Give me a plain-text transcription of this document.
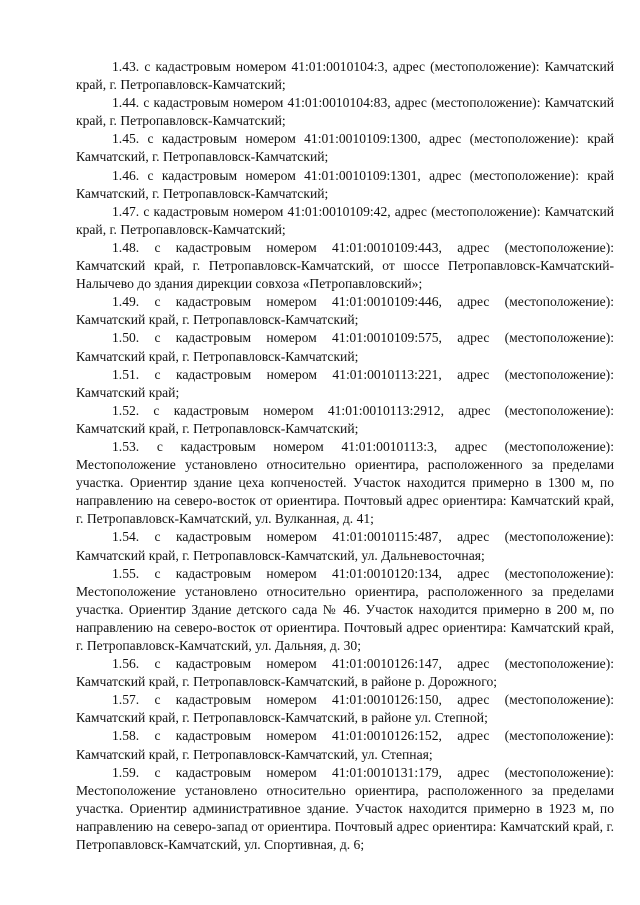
1.43. с кадастровым номером 41:01:0010104:3, адрес (местоположение): Камчатский край, г. Петропавловск-Камчатский;

1.44. с кадастровым номером 41:01:0010104:83, адрес (местоположение): Камчатский край, г. Петропавловск-Камчатский;

1.45. с кадастровым номером 41:01:0010109:1300, адрес (местоположение): край Камчатский, г. Петропавловск-Камчатский;

1.46. с кадастровым номером 41:01:0010109:1301, адрес (местоположение): край Камчатский, г. Петропавловск-Камчатский;

1.47. с кадастровым номером 41:01:0010109:42, адрес (местоположение): Камчатский край, г. Петропавловск-Камчатский;

1.48. с кадастровым номером 41:01:0010109:443, адрес (местоположение): Камчатский край, г. Петропавловск-Камчатский, от шоссе Петропавловск-Камчатский-Налычево до здания дирекции совхоза «Петропавловский»;

1.49. с кадастровым номером 41:01:0010109:446, адрес (местоположение): Камчатский край, г. Петропавловск-Камчатский;

1.50. с кадастровым номером 41:01:0010109:575, адрес (местоположение): Камчатский край, г. Петропавловск-Камчатский;

1.51. с кадастровым номером 41:01:0010113:221, адрес (местоположение): Камчатский край;

1.52. с кадастровым номером 41:01:0010113:2912, адрес (местоположение): Камчатский край, г. Петропавловск-Камчатский;

1.53. с кадастровым номером 41:01:0010113:3, адрес (местоположение): Местоположение установлено относительно ориентира, расположенного за пределами участка. Ориентир здание цеха копченостей. Участок находится примерно в 1300 м, по направлению на северо-восток от ориентира. Почтовый адрес ориентира: Камчатский край, г. Петропавловск-Камчатский, ул. Вулканная, д. 41;

1.54. с кадастровым номером 41:01:0010115:487, адрес (местоположение): Камчатский край, г. Петропавловск-Камчатский, ул. Дальневосточная;

1.55. с кадастровым номером 41:01:0010120:134, адрес (местоположение): Местоположение установлено относительно ориентира, расположенного за пределами участка. Ориентир Здание детского сада № 46. Участок находится примерно в 200 м, по направлению на северо-восток от ориентира. Почтовый адрес ориентира: Камчатский край, г. Петропавловск-Камчатский, ул. Дальняя, д. 30;

1.56. с кадастровым номером 41:01:0010126:147, адрес (местоположение): Камчатский край, г. Петропавловск-Камчатский, в районе р. Дорожного;

1.57. с кадастровым номером 41:01:0010126:150, адрес (местоположение): Камчатский край, г. Петропавловск-Камчатский, в районе ул. Степной;

1.58. с кадастровым номером 41:01:0010126:152, адрес (местоположение): Камчатский край, г. Петропавловск-Камчатский, ул. Степная;

1.59. с кадастровым номером 41:01:0010131:179, адрес (местоположение): Местоположение установлено относительно ориентира, расположенного за пределами участка. Ориентир административное здание. Участок находится примерно в 1923 м, по направлению на северо-запад от ориентира. Почтовый адрес ориентира: Камчатский край, г. Петропавловск-Камчатский, ул. Спортивная, д. 6;
